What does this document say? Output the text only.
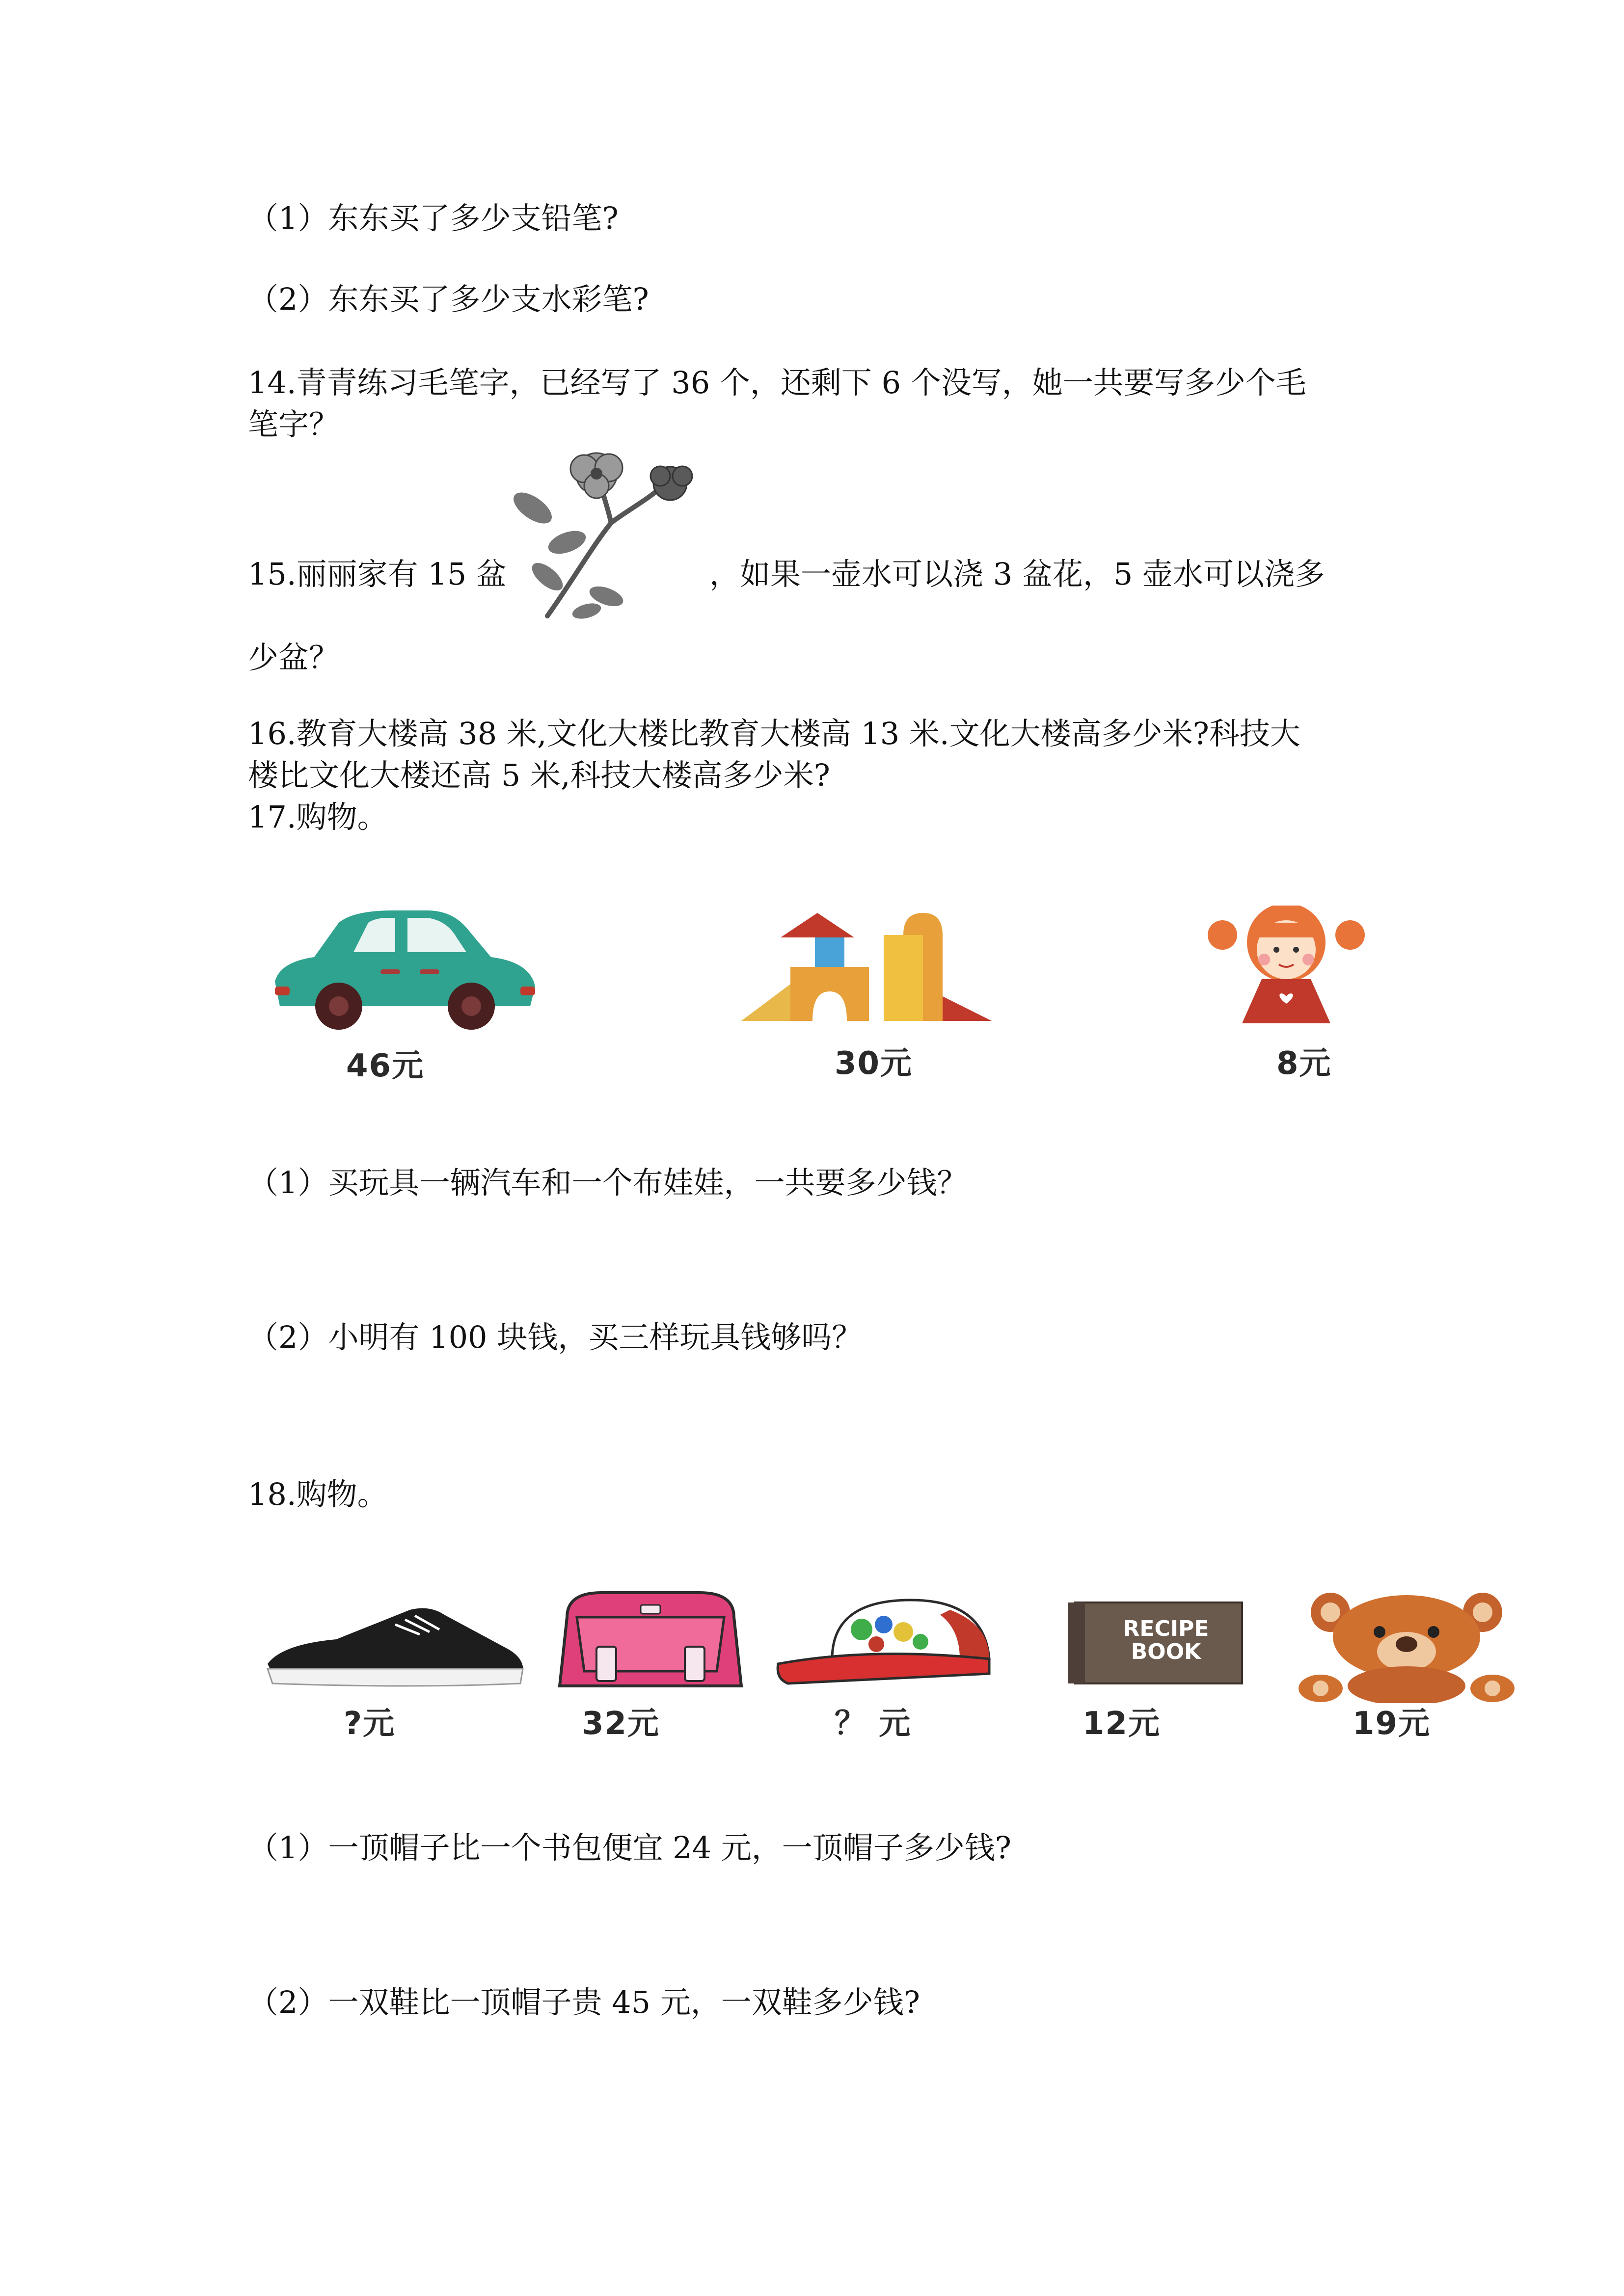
（1）东东买了多少支铅笔?
（2）东东买了多少支水彩笔?
14.青青练习毛笔字，已经写了 36 个，还剩下 6 个没写，她一共要写多少个毛
笔字？
15.丽丽家有 15 盆	，如果一壶水可以浇 3 盆花，5 壶水可以浇多
少盆？
16.教育大楼高 38 米,文化大楼比教育大楼高 13 米.文化大楼高多少米?科技大
楼比文化大楼还高 5 米,科技大楼高多少米?
17.购物。
46元	30元	8元
（1）买玩具一辆汽车和一个布娃娃，一共要多少钱？
（2）小明有 100 块钱，买三样玩具钱够吗？
18.购物。
?元	32元	？ 元
RECIPE
BOOK
12元	19元
（1）一顶帽子比一个书包便宜 24 元，一顶帽子多少钱?
（2）一双鞋比一顶帽子贵 45 元，一双鞋多少钱?
